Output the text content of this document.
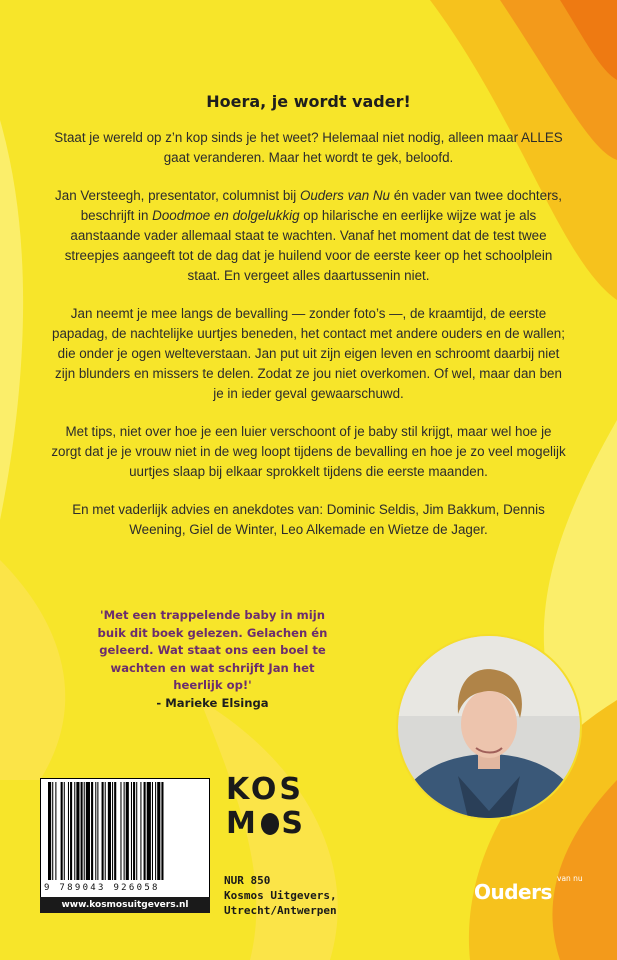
Hoera, je wordt vader!

Staat je wereld op z’n kop sinds je het weet? Helemaal niet nodig, alleen maar ALLES gaat veranderen. Maar het wordt te gek, beloofd.

Jan Versteegh, presentator, columnist bij Ouders van Nu én vader van twee dochters, beschrijft in Doodmoe en dolgelukkig op hilarische en eerlijke wijze wat je als aanstaande vader allemaal staat te wachten. Vanaf het moment dat de test twee streepjes aangeeft tot de dag dat je huilend voor de eerste keer op het schoolplein staat. En vergeet alles daartussenin niet.

Jan neemt je mee langs de bevalling — zonder foto’s —, de kraamtijd, de eerste papadag, de nachtelijke uurtjes beneden, het contact met andere ouders en de wallen; die onder je ogen welteverstaan. Jan put uit zijn eigen leven en schroomt daarbij niet zijn blunders en missers te delen. Zodat ze jou niet overkomen. Of wel, maar dan ben je in ieder geval gewaarschuwd.

Met tips, niet over hoe je een luier verschoont of je baby stil krijgt, maar wel hoe je zorgt dat je je vrouw niet in de weg loopt tijdens de bevalling en hoe je zo veel mogelijk uurtjes slaap bij elkaar sprokkelt tijdens die eerste maanden.

En met vaderlijk advies en anekdotes van: Dominic Seldis, Jim Bakkum, Dennis Weening, Giel de Winter, Leo Alkemade en Wietze de Jager.

'Met een trappelende baby in mijn buik dit boek gelezen. Gelachen én geleerd. Wat staat ons een boel te wachten en wat schrijft Jan het heerlijk op!'
- Marieke Elsinga
9 789043 926058
www.kosmosuitgevers.nl
KOS
M S
NUR 850
Kosmos Uitgevers,
Utrecht/Antwerpen
Ouders
van nu
